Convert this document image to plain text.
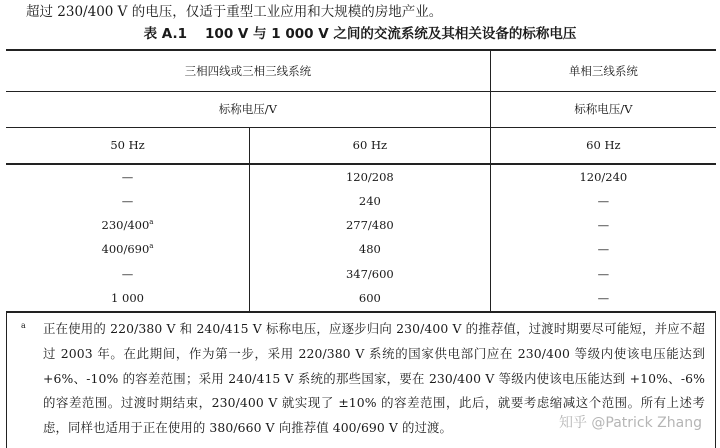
超过 230/400 V 的电压，仅适于重型工业应用和大规模的房地产业。
表 A.1 100 V 与 1 000 V 之间的交流系统及其相关设备的标称电压
三相四线或三相三线系统		单相三线系统
标称电压/V		标称电压/V
50 Hz	60 Hz	60 Hz
—	120/208	120/240
—	240	—
230/400$^a$	277/480	—
400/690$^a$	480	—
—	347/600	—
1 000	600	—
a 正在使用的 220/380 V 和 240/415 V 标称电压，应逐步归向 230/400 V 的推荐值，过渡时期要尽可能短，并应不超过 2003 年。在此期间，作为第一步，采用 220/380 V 系统的国家供电部门应在 230/400 等级内使该电压能达到 +6%、-10% 的容差范围；采用 240/415 V 系统的那些国家，要在 230/400 V 等级内使该电压能达到 +10%、-6% 的容差范围。过渡时期结束，230/400 V 就实现了 ±10% 的容差范围，此后，就要考虑缩减这个范围。所有上述考虑，同样也适用于正在使用的 380/660 V 向推荐值 400/690 V 的过渡。	知乎 @Patrick Zhang
